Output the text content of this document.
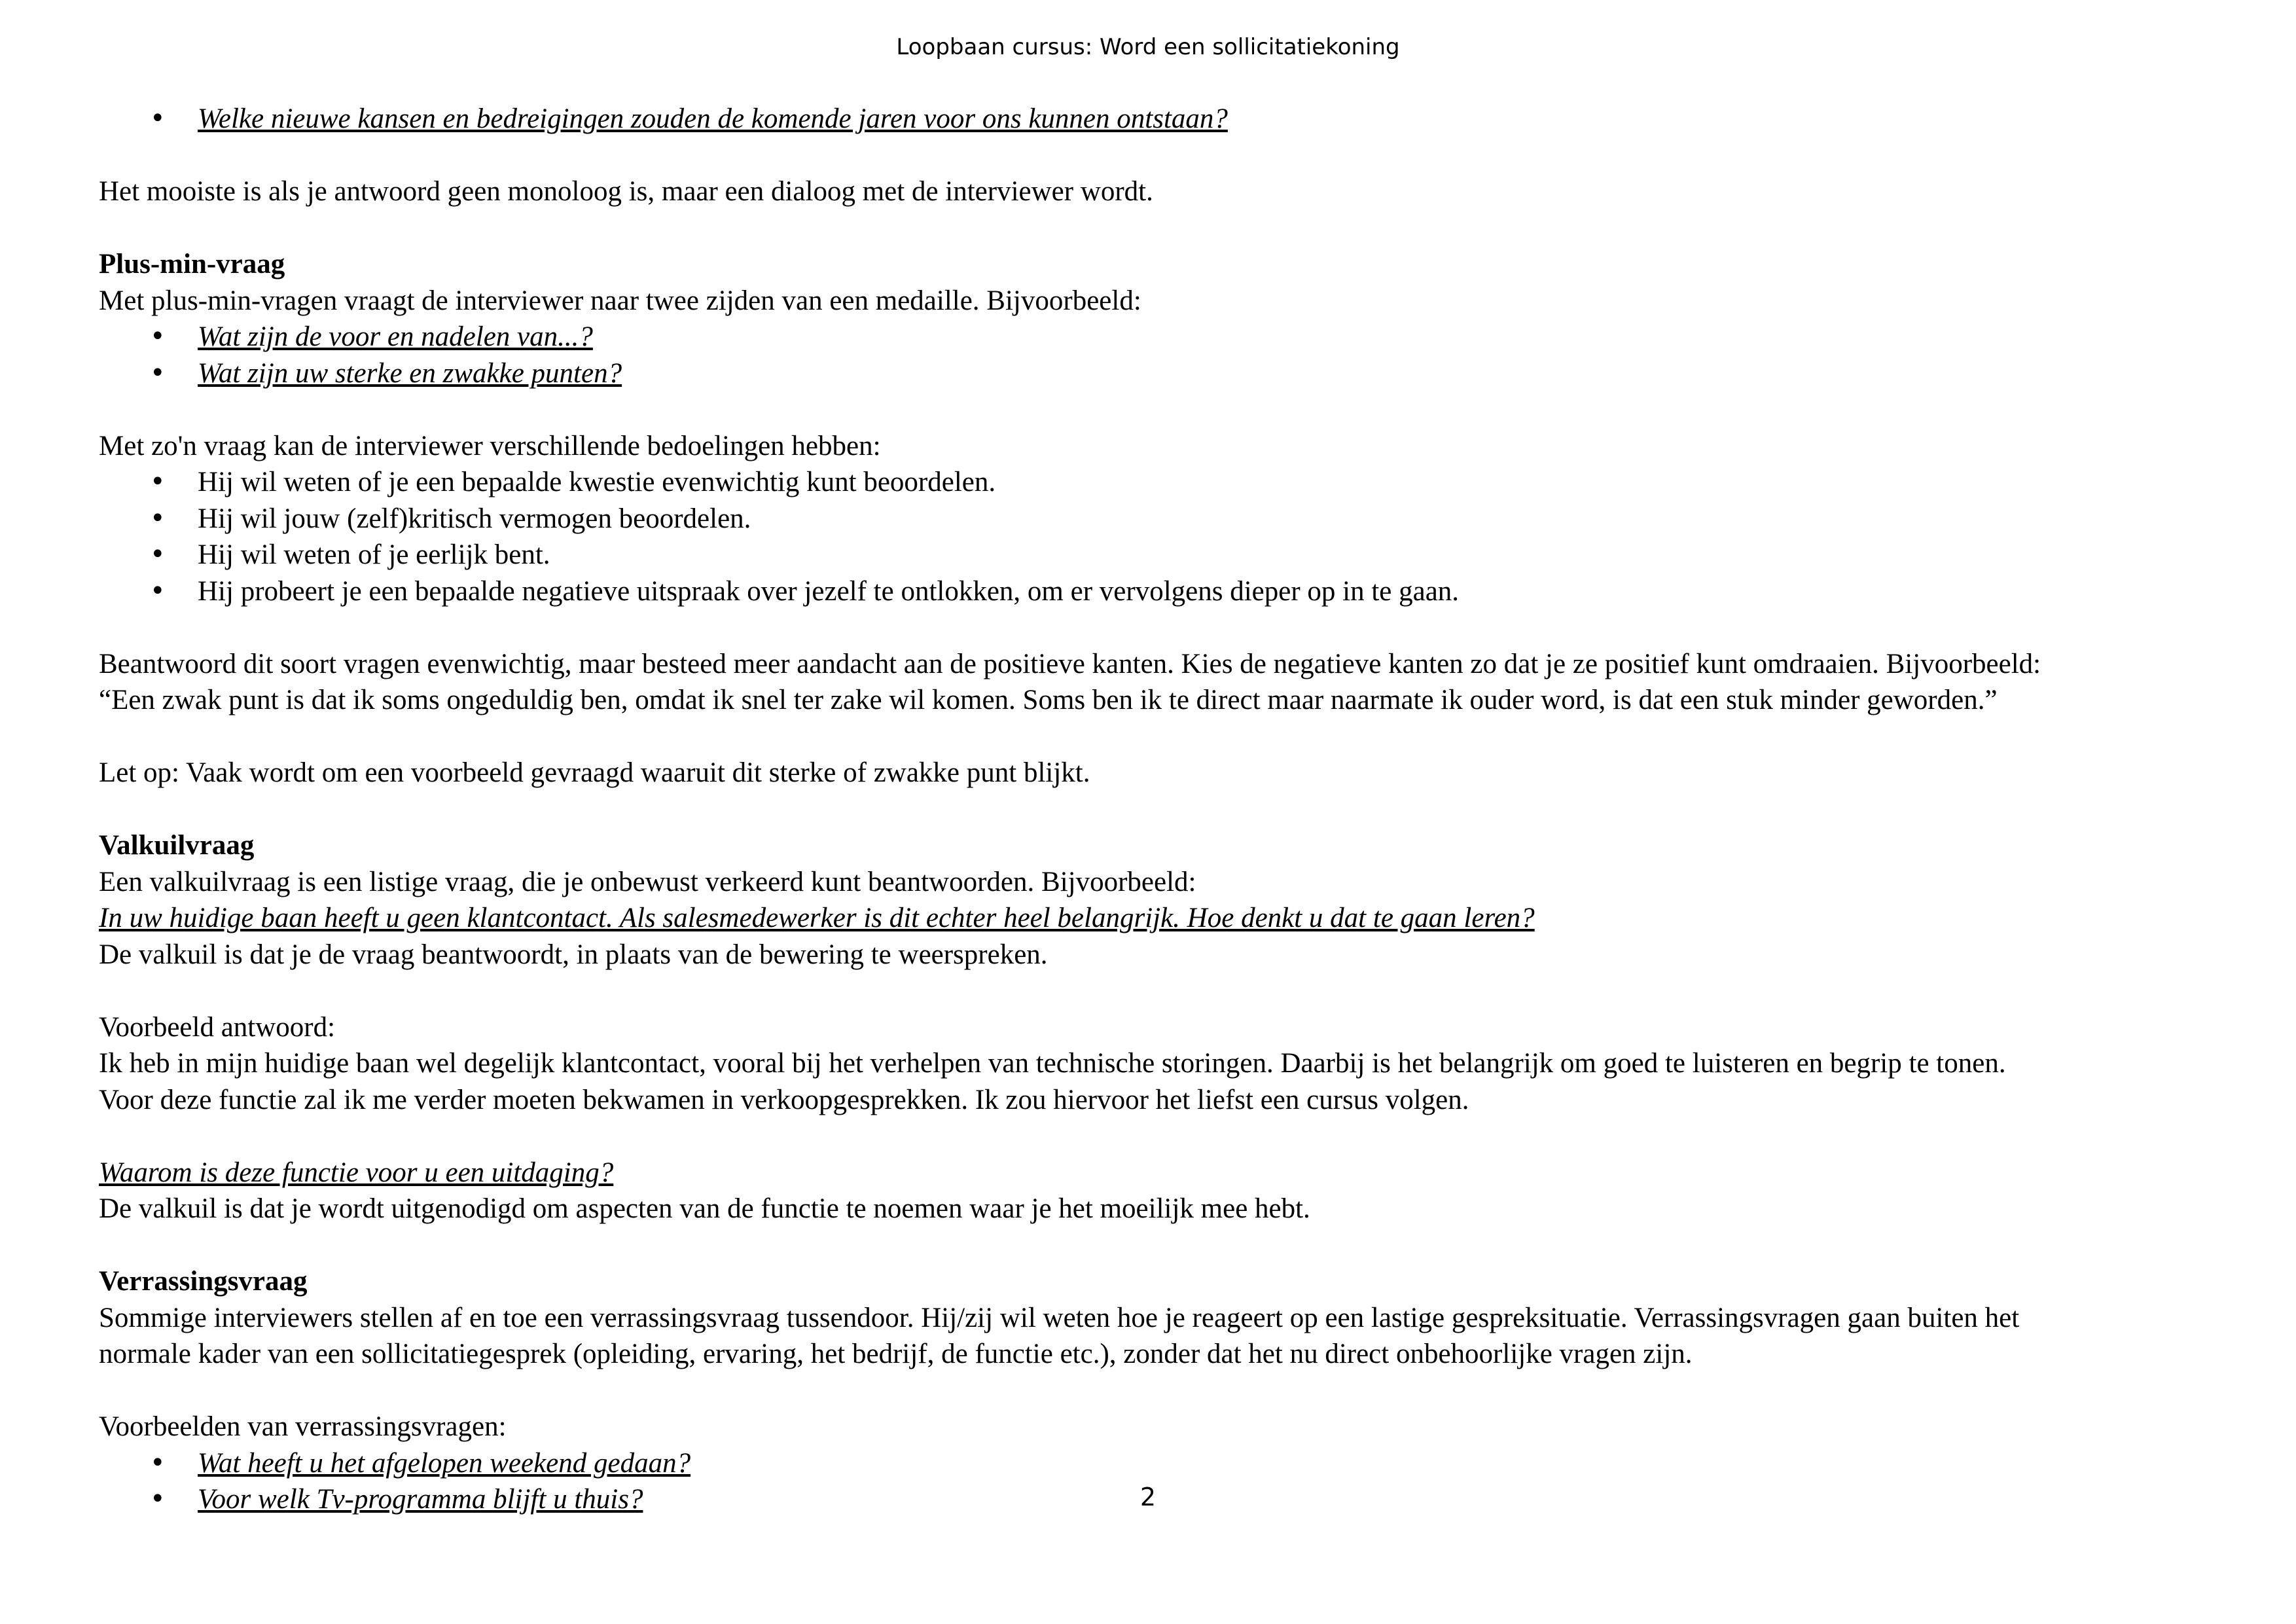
Loopbaan cursus: Word een sollicitatiekoning
• Welke nieuwe kansen en bedreigingen zouden de komende jaren voor ons kunnen ontstaan?

Het mooiste is als je antwoord geen monoloog is, maar een dialoog met de interviewer wordt.

Plus-min-vraag

Met plus-min-vragen vraagt de interviewer naar twee zijden van een medaille. Bijvoorbeeld:

• Wat zijn de voor en nadelen van...?
• Wat zijn uw sterke en zwakke punten?

Met zo'n vraag kan de interviewer verschillende bedoelingen hebben:

• Hij wil weten of je een bepaalde kwestie evenwichtig kunt beoordelen.
• Hij wil jouw (zelf)kritisch vermogen beoordelen.
• Hij wil weten of je eerlijk bent.
• Hij probeert je een bepaalde negatieve uitspraak over jezelf te ontlokken, om er vervolgens dieper op in te gaan.

Beantwoord dit soort vragen evenwichtig, maar besteed meer aandacht aan de positieve kanten. Kies de negatieve kanten zo dat je ze positief kunt omdraaien. Bijvoorbeeld:

“Een zwak punt is dat ik soms ongeduldig ben, omdat ik snel ter zake wil komen. Soms ben ik te direct maar naarmate ik ouder word, is dat een stuk minder geworden.”

Let op: Vaak wordt om een voorbeeld gevraagd waaruit dit sterke of zwakke punt blijkt.

Valkuilvraag

Een valkuilvraag is een listige vraag, die je onbewust verkeerd kunt beantwoorden. Bijvoorbeeld:

In uw huidige baan heeft u geen klantcontact. Als salesmedewerker is dit echter heel belangrijk. Hoe denkt u dat te gaan leren?

De valkuil is dat je de vraag beantwoordt, in plaats van de bewering te weerspreken.

Voorbeeld antwoord:

Ik heb in mijn huidige baan wel degelijk klantcontact, vooral bij het verhelpen van technische storingen. Daarbij is het belangrijk om goed te luisteren en begrip te tonen.

Voor deze functie zal ik me verder moeten bekwamen in verkoopgesprekken. Ik zou hiervoor het liefst een cursus volgen.

Waarom is deze functie voor u een uitdaging?

De valkuil is dat je wordt uitgenodigd om aspecten van de functie te noemen waar je het moeilijk mee hebt.

Verrassingsvraag

Sommige interviewers stellen af en toe een verrassingsvraag tussendoor. Hij/zij wil weten hoe je reageert op een lastige gespreksituatie. Verrassingsvragen gaan buiten het

normale kader van een sollicitatiegesprek (opleiding, ervaring, het bedrijf, de functie etc.), zonder dat het nu direct onbehoorlijke vragen zijn.

Voorbeelden van verrassingsvragen:

• Wat heeft u het afgelopen weekend gedaan?
• Voor welk Tv-programma blijft u thuis?	2
